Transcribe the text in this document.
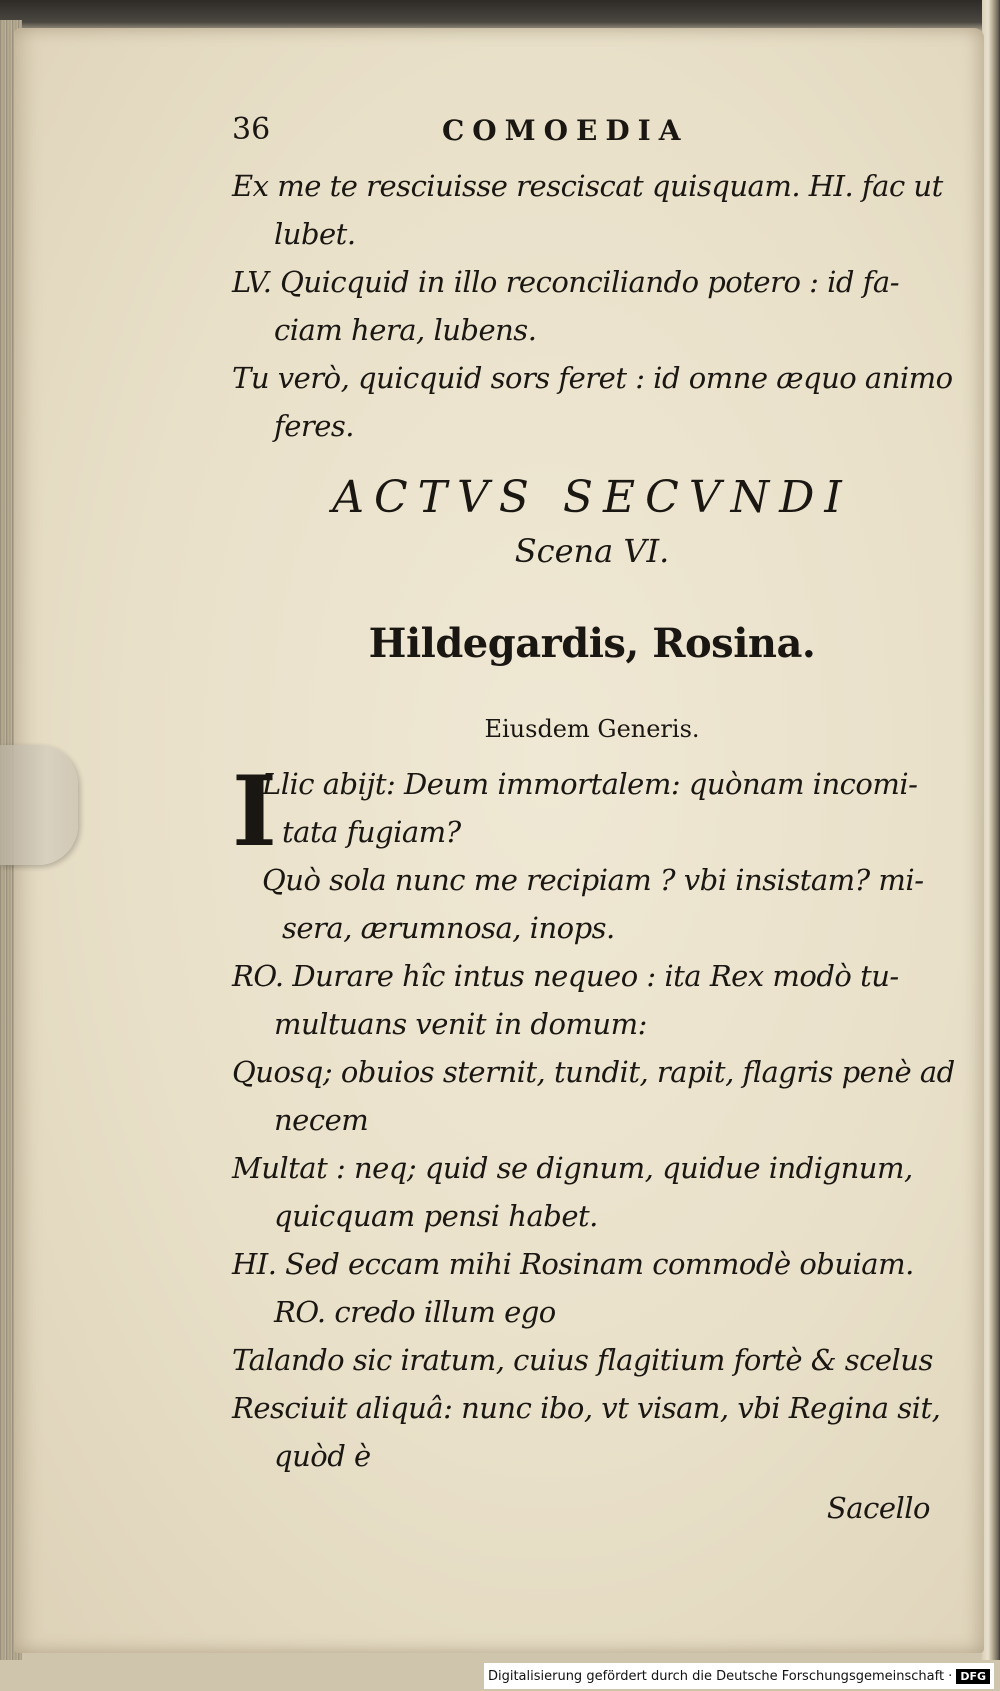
36	COMOEDIA
Ex me te resciuisse resciscat quisquam. HI. fac ut
lubet.
LV. Quicquid in illo reconciliando potero : id fa-
ciam hera, lubens.
Tu verò, quicquid sors feret : id omne æquo animo
feres.
ACTVS SECVNDI
Scena VI.
Hildegardis, Rosina.
Eiusdem Generis.
I
Llic abijt: Deum immortalem: quònam incomi-
tata fugiam?
Quò sola nunc me recipiam ? vbi insistam? mi-
sera, ærumnosa, inops.
RO. Durare hîc intus nequeo : ita Rex modò tu-
multuans venit in domum:
Quosq; obuios sternit, tundit, rapit, flagris penè ad
necem
Multat : neq; quid se dignum, quidue indignum,
quicquam pensi habet.
HI. Sed eccam mihi Rosinam commodè obuiam.
RO. credo illum ego
Talando sic iratum, cuius flagitium fortè & scelus
Resciuit aliquâ: nunc ibo, vt visam, vbi Regina sit,
quòd è
Sacello
Digitalisierung gefördert durch die Deutsche Forschungsgemeinschaft · DFG
